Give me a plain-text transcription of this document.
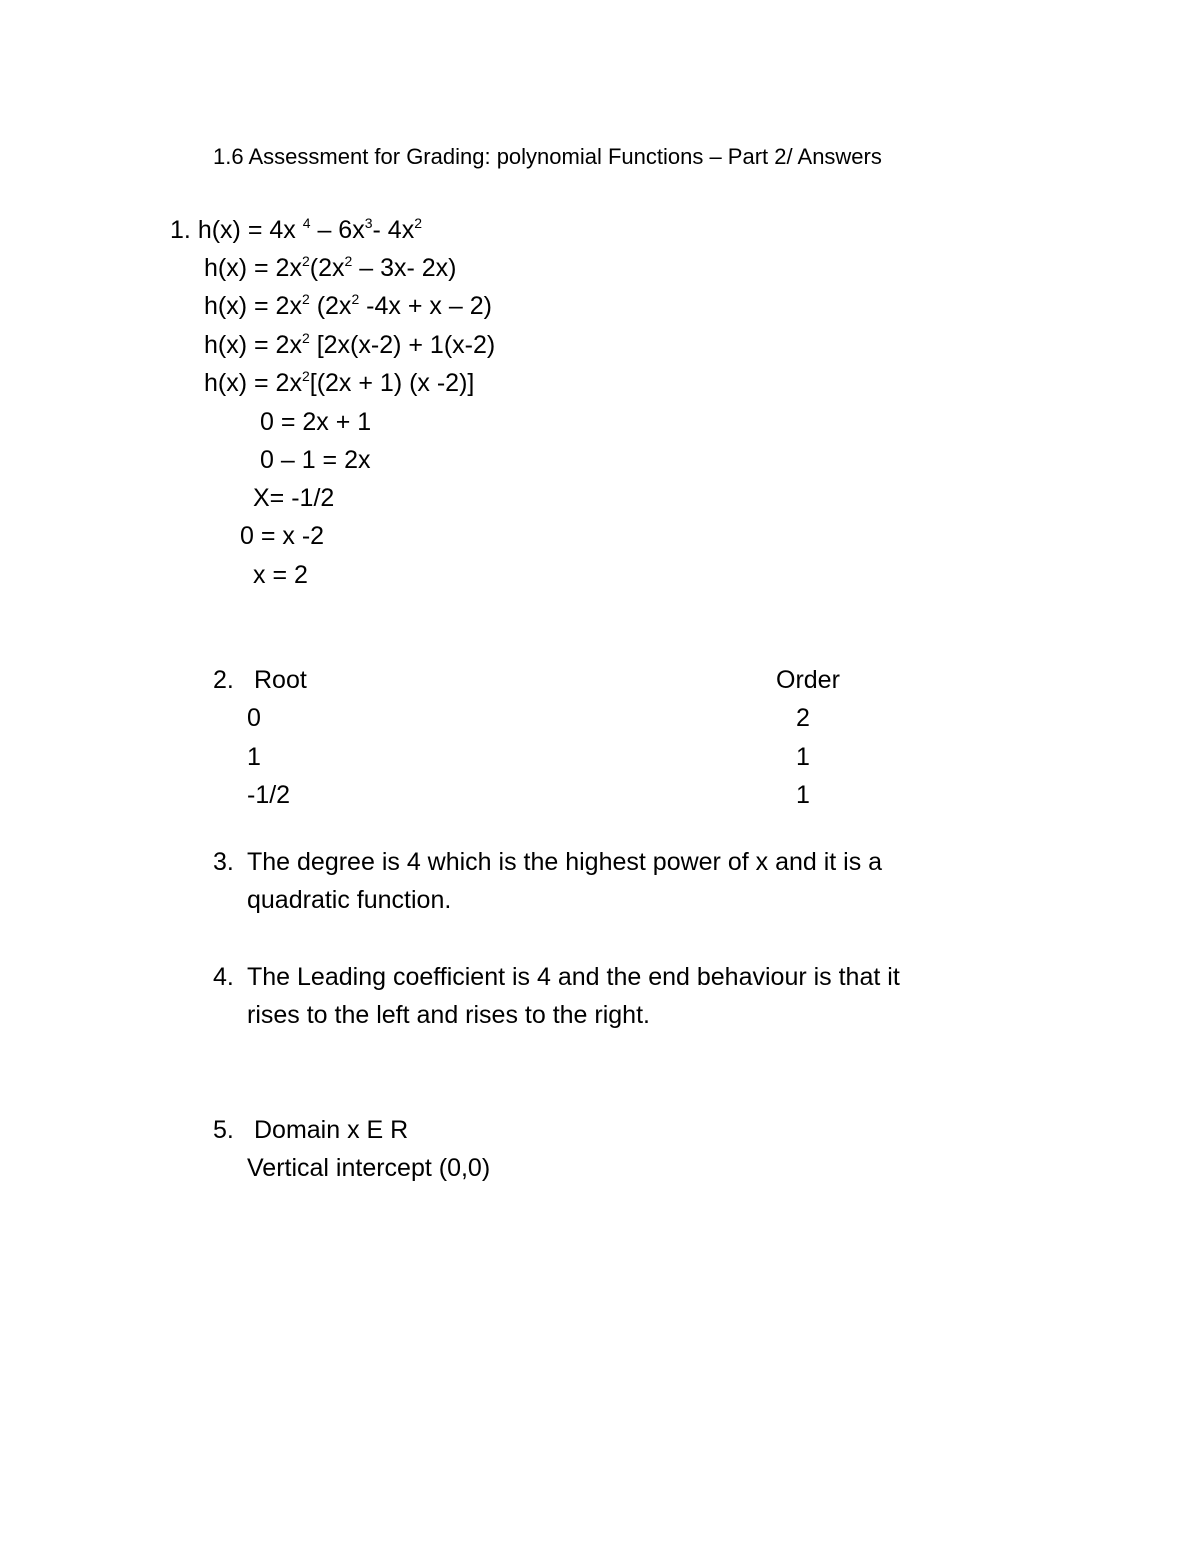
1.6 Assessment for Grading: polynomial Functions – Part 2/ Answers
1. h(x) = 4x $^4 - 6x^3-$ $4x^2$
$h(x) = 2x^2(2x^2 - 3x-$ 2x)
$h(x) = 2x^2$ ($2x^2$ -4x + x – 2)
$h(x) = 2x^2$ [2x(x-2) + 1(x-2)
$h(x) = 2x^2[(2x + 1)$ (x -2)]
0 = 2x + 1
0 – 1 = 2x
X= -1/2
0 = x -2
x = 2
2. Root	Order
0	2
1	1
-1/2	1
3. The degree is 4 which is the highest power of x and it is a
quadratic function.
4. The Leading coefficient is 4 and the end behaviour is that it
rises to the left and rises to the right.
5. Domain x E R
Vertical intercept (0,0)
